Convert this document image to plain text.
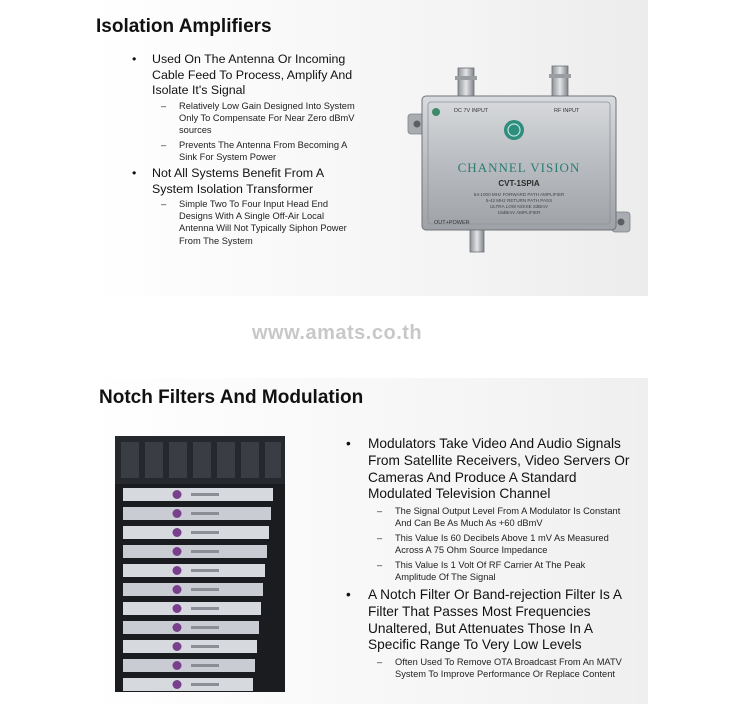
Isolation Amplifiers
• Used On The Antenna Or Incoming Cable Feed To Process, Amplify And Isolate It's Signal
– Relatively Low Gain Designed Into System Only To Compensate For Near Zero dBmV sources
– Prevents The Antenna From Becoming A Sink For System Power
• Not All Systems Benefit From A System Isolation Transformer
– Simple Two To Four Input Head End Designs With A Single Off-Air Local Antenna Will Not Typically Siphon Power From The System
DC 7V INPUT	RF INPUT
CHANNEL VISION
CVT-1SPIA
54-1000 MHz FORWARD PATH AMPLIFIER
5-42 MHz RETURN PATH PASS
ULTRA LOW NOISE 2dBmV
15dBmV AMPLIFIER
OUT+POWER
www.amats.co.th
Notch Filters And Modulation
• Modulators Take Video And Audio Signals From Satellite Receivers, Video Servers Or Cameras And Produce A Standard Modulated Television Channel
– The Signal Output Level From A Modulator Is Constant And Can Be As Much As +60 dBmV
– This Value Is 60 Decibels Above 1 mV As Measured Across A 75 Ohm Source Impedance
– This Value Is 1 Volt Of RF Carrier At The Peak Amplitude Of The Signal
• A Notch Filter Or Band-rejection Filter Is A Filter That Passes Most Frequencies Unaltered, But Attenuates Those In A Specific Range To Very Low Levels
– Often Used To Remove OTA Broadcast From An MATV System To Improve Performance Or Replace Content
